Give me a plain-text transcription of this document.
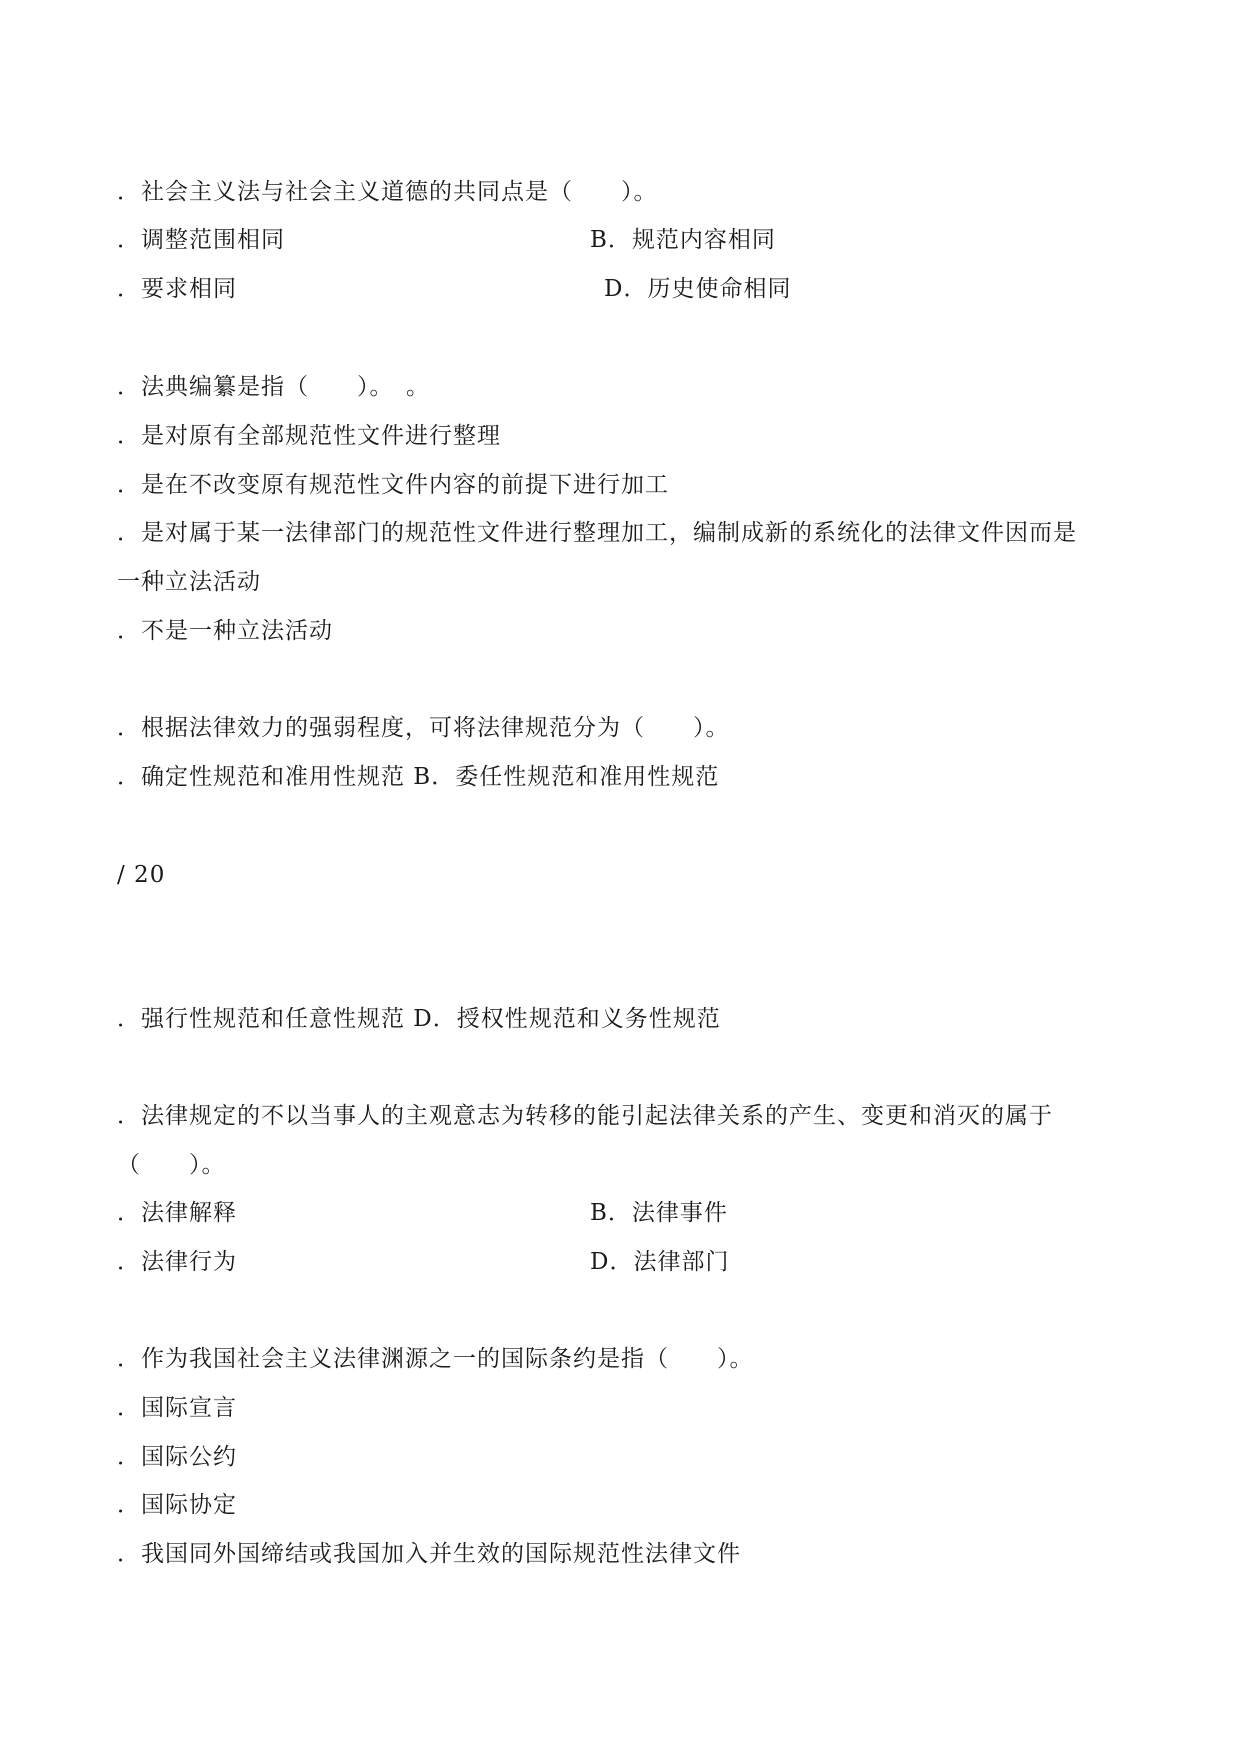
．社会主义法与社会主义道德的共同点是（　　）。
．调整范围相同	B．规范内容相同
．要求相同	D．历史使命相同
．法典编纂是指（　　）。　。
．是对原有全部规范性文件进行整理
．是在不改变原有规范性文件内容的前提下进行加工
．是对属于某一法律部门的规范性文件进行整理加工，编制成新的系统化的法律文件因而是
一种立法活动
．不是一种立法活动
．根据法律效力的强弱程度，可将法律规范分为（　　）。
．确定性规范和准用性规范 B．委任性规范和准用性规范
/ 20
．强行性规范和任意性规范 D．授权性规范和义务性规范
．法律规定的不以当事人的主观意志为转移的能引起法律关系的产生、变更和消灭的属于
（　　）。
．法律解释	B．法律事件
．法律行为	D．法律部门
．作为我国社会主义法律渊源之一的国际条约是指（　　）。
．国际宣言
．国际公约
．国际协定
．我国同外国缔结或我国加入并生效的国际规范性法律文件
